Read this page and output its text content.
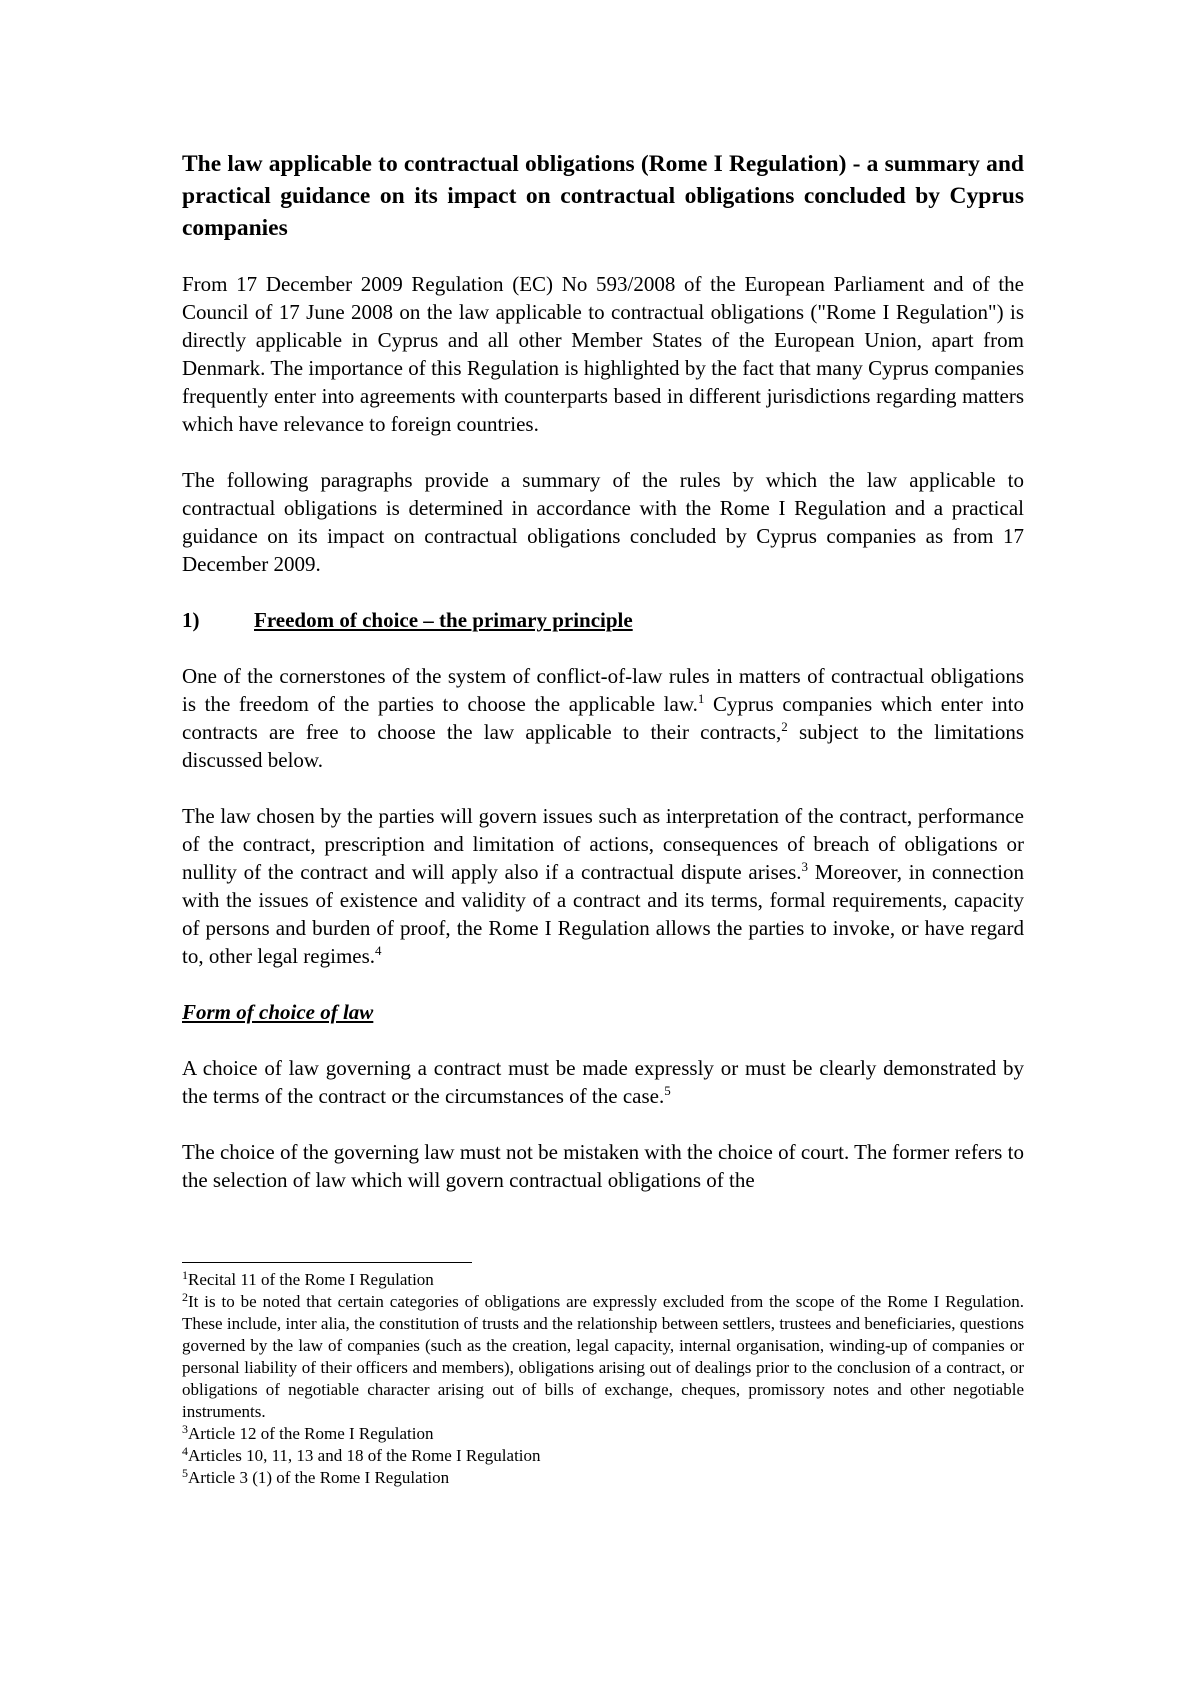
The law applicable to contractual obligations (Rome I Regulation) - a summary and practical guidance on its impact on contractual obligations concluded by Cyprus companies

From 17 December 2009 Regulation (EC) No 593/2008 of the European Parliament and of the Council of 17 June 2008 on the law applicable to contractual obligations ("Rome I Regulation") is directly applicable in Cyprus and all other Member States of the European Union, apart from Denmark. The importance of this Regulation is highlighted by the fact that many Cyprus companies frequently enter into agreements with counterparts based in different jurisdictions regarding matters which have relevance to foreign countries.

The following paragraphs provide a summary of the rules by which the law applicable to contractual obligations is determined in accordance with the Rome I Regulation and a practical guidance on its impact on contractual obligations concluded by Cyprus companies as from 17 December 2009.

1)	Freedom of choice – the primary principle

One of the cornerstones of the system of conflict-of-law rules in matters of contractual obligations is the freedom of the parties to choose the applicable law.$^1$ Cyprus companies which enter into contracts are free to choose the law applicable to their contracts,$^2$ subject to the limitations discussed below.

The law chosen by the parties will govern issues such as interpretation of the contract, performance of the contract, prescription and limitation of actions, consequences of breach of obligations or nullity of the contract and will apply also if a contractual dispute arises.$^3$ Moreover, in connection with the issues of existence and validity of a contract and its terms, formal requirements, capacity of persons and burden of proof, the Rome I Regulation allows the parties to invoke, or have regard to, other legal regimes.$^4$

Form of choice of law

A choice of law governing a contract must be made expressly or must be clearly demonstrated by the terms of the contract or the circumstances of the case.$^5$

The choice of the governing law must not be mistaken with the choice of court. The former refers to the selection of law which will govern contractual obligations of the

$^1$Recital 11 of the Rome I Regulation

$^2$It is to be noted that certain categories of obligations are expressly excluded from the scope of the Rome I Regulation. These include, inter alia, the constitution of trusts and the relationship between settlers, trustees and beneficiaries, questions governed by the law of companies (such as the creation, legal capacity, internal organisation, winding-up of companies or personal liability of their officers and members), obligations arising out of dealings prior to the conclusion of a contract, or obligations of negotiable character arising out of bills of exchange, cheques, promissory notes and other negotiable instruments.

$^3$Article 12 of the Rome I Regulation

$^4$Articles 10, 11, 13 and 18 of the Rome I Regulation

$^5$Article 3 (1) of the Rome I Regulation
